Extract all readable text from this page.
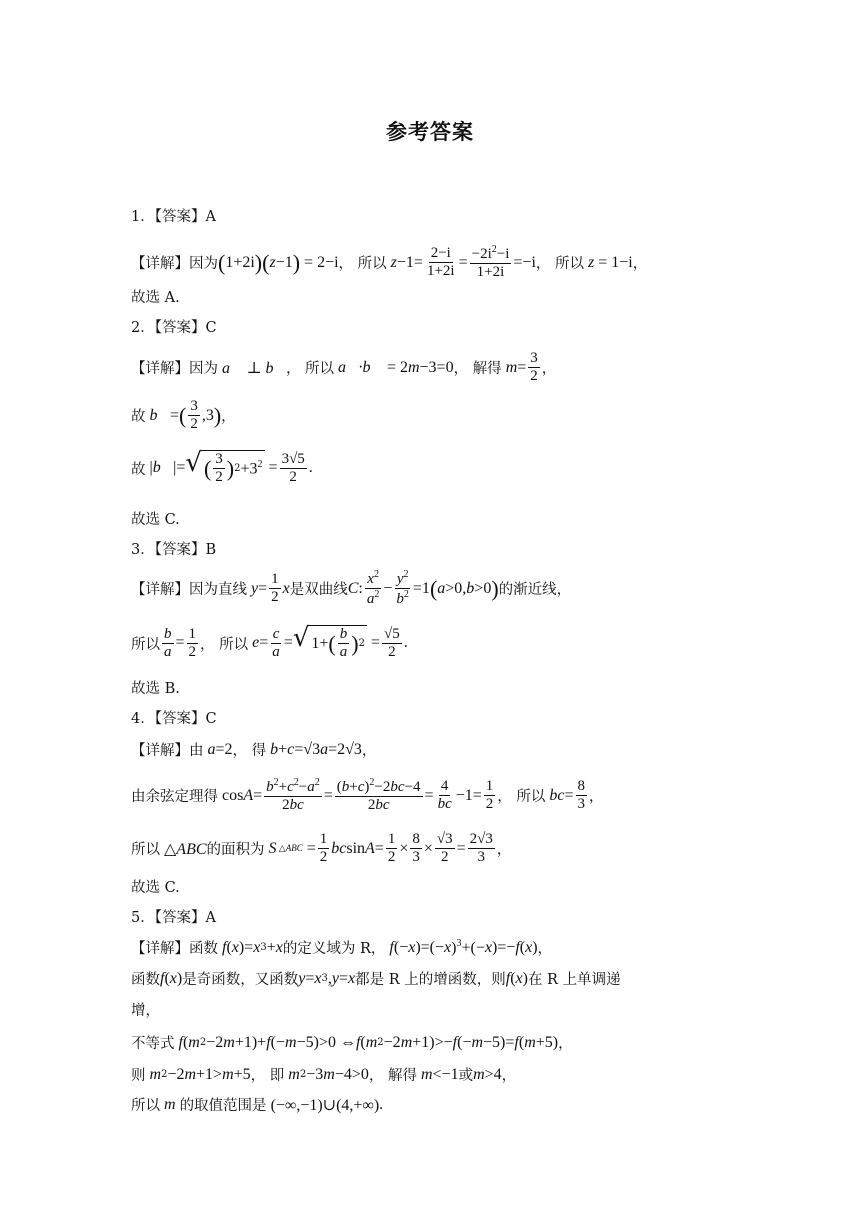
参考答案
1．【答案】A
【详解】因为 ( 1+2i )( z −1 ) = 2−i ， 所以 $z -1= \frac{2-i}{1+2i} = \frac{-2i^2-i}{1+2i} =-i$ ， 所以 z = 1−i ，
故选 A.
2．【答案】C
【详解】因为 a⃗ ⊥ b⃗ ， 所以 a⃗·b⃗ = 2 m −3=0 ， 解得 $m = \frac{3}{2}$ ，
故 b⃗ = ( $\frac{3}{2} ,3$ ) ，
故 | b⃗ |= √ ( $\frac{3}{2}$ ) $2 +3^2 = \frac{3√5}{2}$ .
故选 C.
3．【答案】B
【详解】因为直线 $y = \frac{1}{2}$ x 是双曲线 C : $\frac{x^2}{a^2} - \frac{y^2}{b^2} =1$ ( a >0, b >0 ) 的渐近线，
所以 $\frac{b}{a} = \frac{1}{2}$ ， 所以 $e = \frac{c}{a}$ = √ 1+ ( $\frac{b}{a}$ ) $2 = \frac{√5}{2}$ .
故选 B.
4．【答案】C
【详解】由 a =2 ， 得 b + c =√3 a =2√3 ，
由余弦定理得 $\cos A = \frac{b^2+c^2-a^2}{2bc} = \frac{(b+c)^2-2bc-4}{2bc} = \frac{4}{bc} -1= \frac{1}{2}$ ， 所以 bc = $\frac{8}{3}$ ，
所以 △ABC 的面积为 S △ABC = $\frac{1}{2}$ bc $\sin A = \frac{1}{2} \times \frac{8}{3} \times \frac{√3}{2} = \frac{2√3}{3}$ ，
故选 C.
5．【答案】A
【详解】函数 f ( x )= x 3 + x 的定义域为 R， f (− x )=(− x )$^3$+(− x )=− f ( x ) ，
函数 f ( x ) 是奇函数，又函数 y = x 3 , y = x 都是 R 上的增函数，则 f ( x ) 在 R 上单调递
增，
不等式 f ( m 2 −2 m +1)+ f (− m −5)>0 ⇔ f ( m 2 −2 m +1)>− f (− m −5)= f ( m +5) ，
则 m 2 −2 m +1> m +5 ， 即 m 2 −3 m −4>0 ， 解得 m <−1 或 m >4 ，
所以 m 的取值范围是 (−∞,−1)∪(4,+∞) .
